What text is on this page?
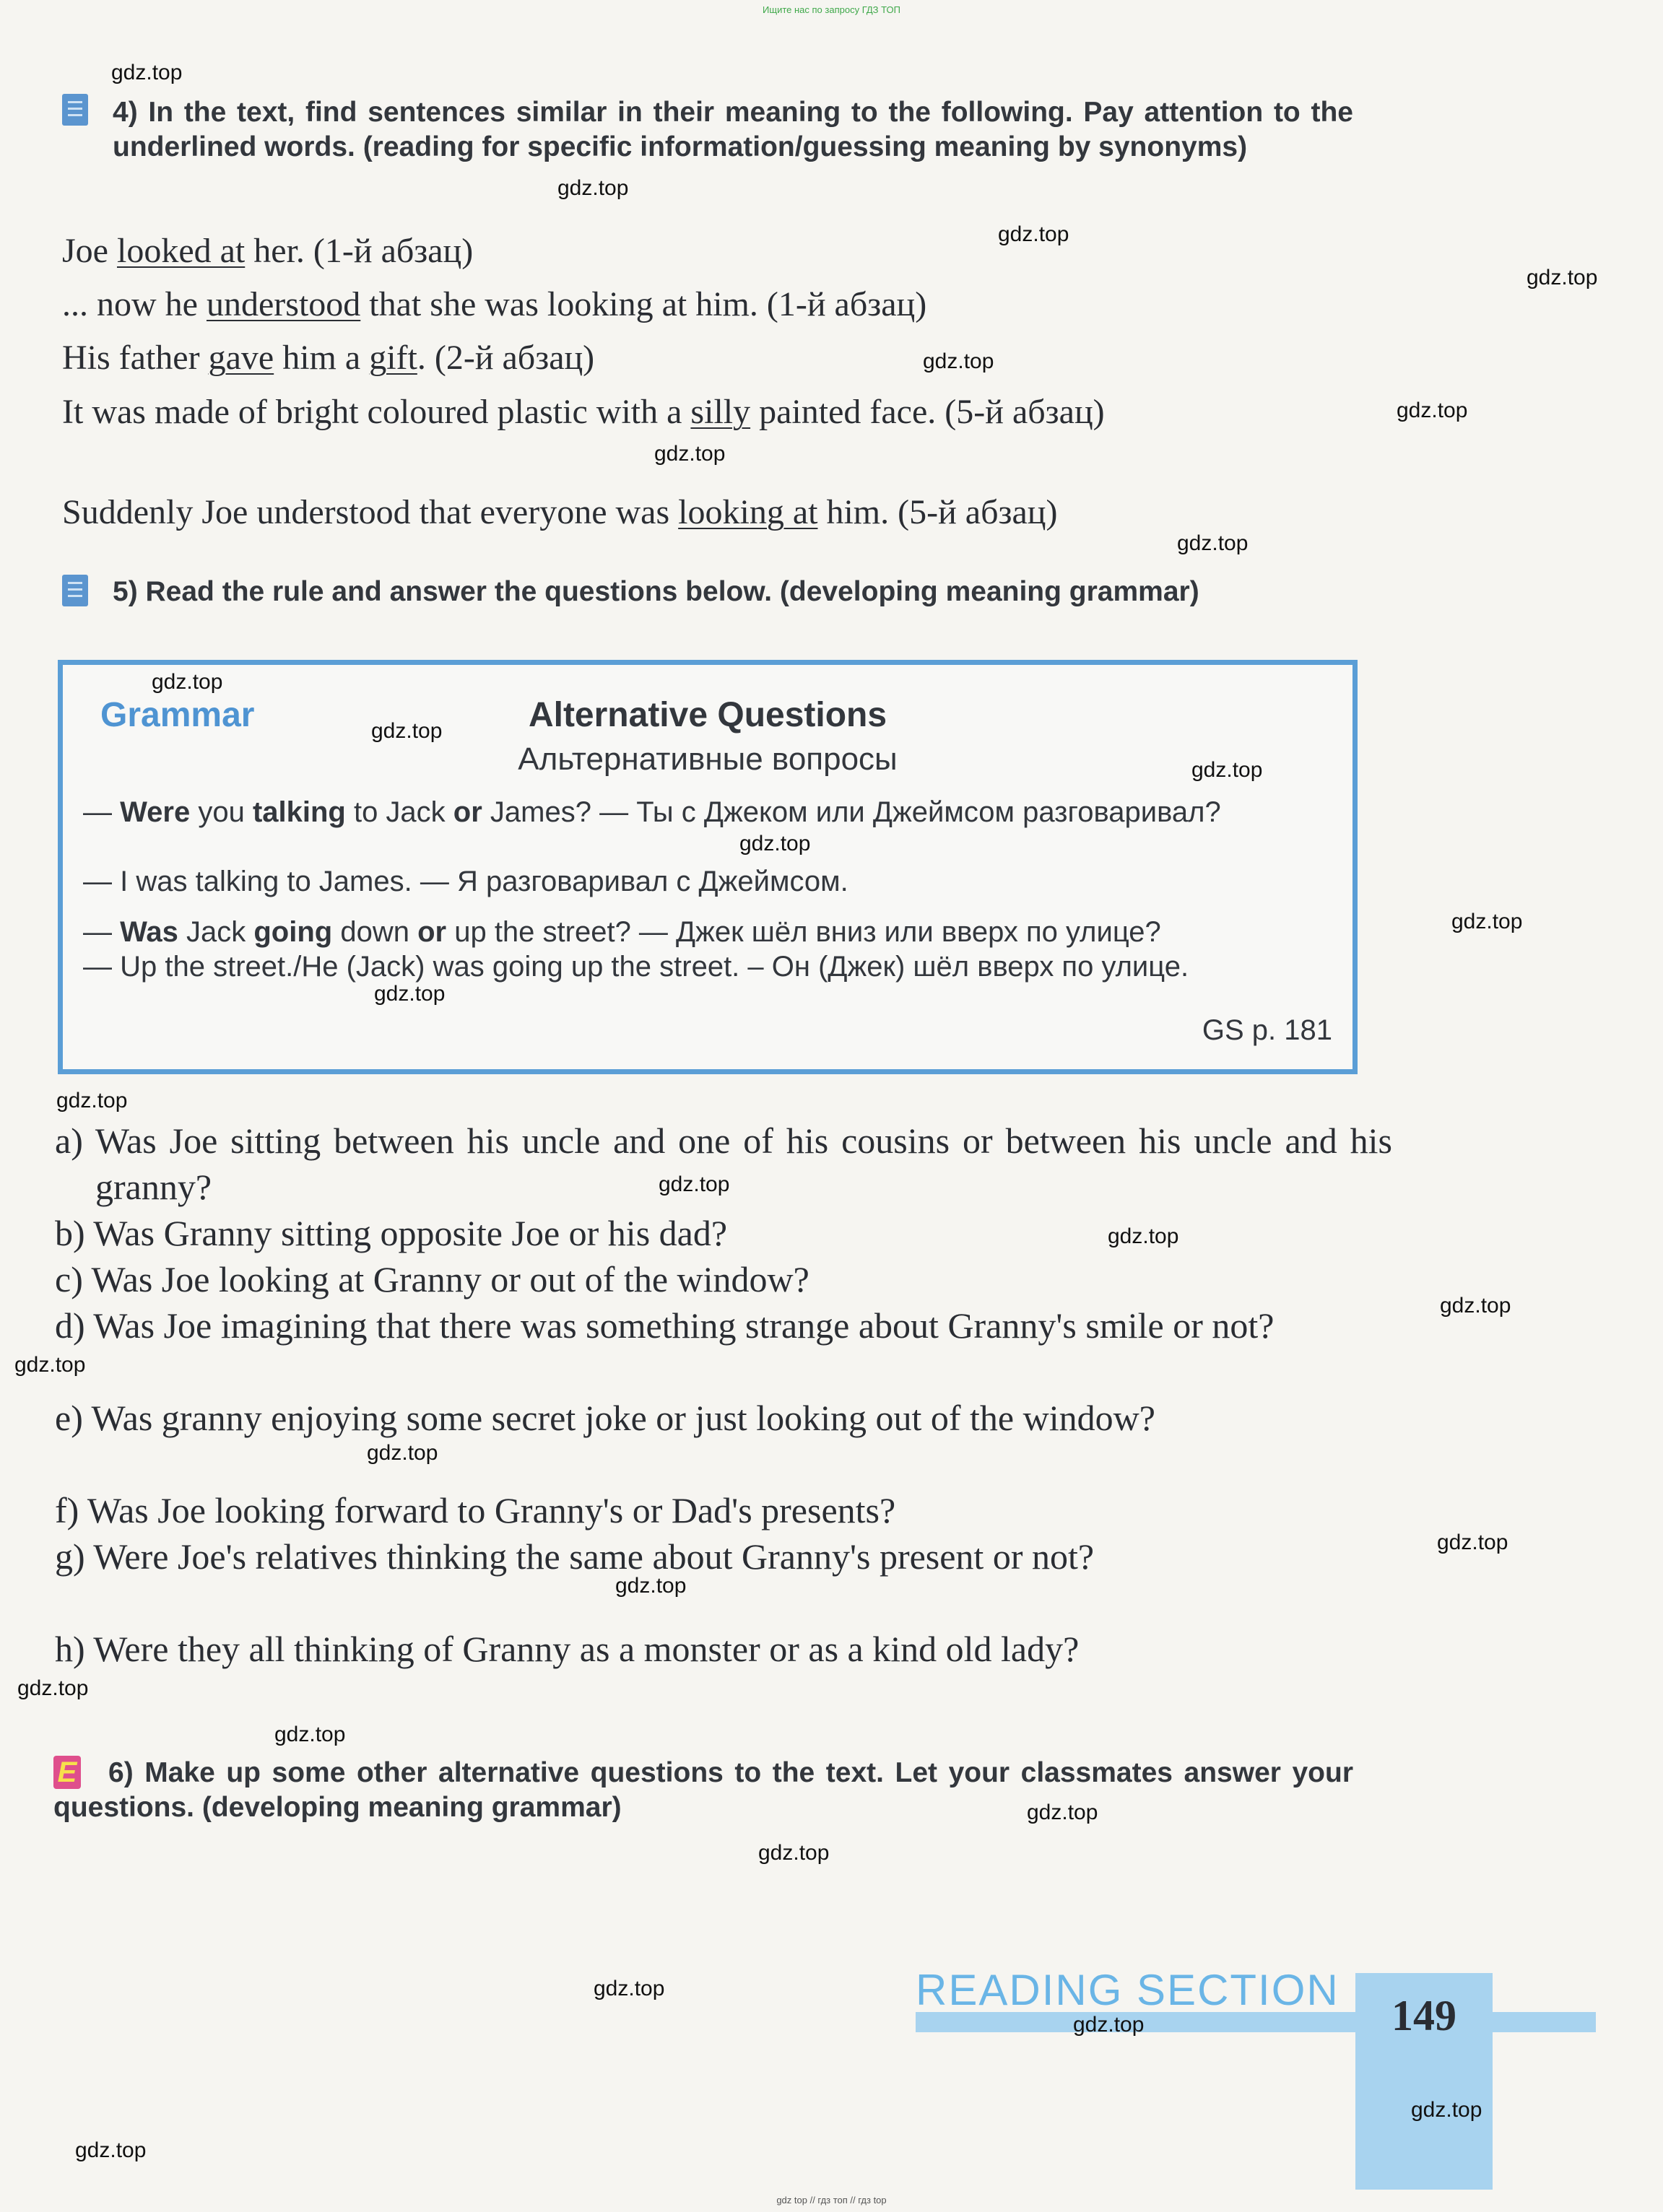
Ищите нас по запросу ГДЗ ТОП
4) In the text, find sentences similar in their meaning to the following. Pay attention to the underlined words. (reading for specific information/guessing meaning by synonyms)
Joe looked at her. (1-й абзац)
... now he understood that she was looking at him. (1-й абзац)
His father gave him a gift. (2-й абзац)
It was made of bright coloured plastic with a silly painted face. (5-й абзац)
Suddenly Joe understood that everyone was looking at him. (5-й абзац)
5) Read the rule and answer the questions below. (developing meaning grammar)
Grammar	Alternative Questions
Альтернативные вопросы
— Were you talking to Jack or James? — Ты с Джеком или Джеймсом разговаривал?
— I was talking to James. — Я разговаривал с Джеймсом.
— Was Jack going down or up the street? — Джек шёл вниз или вверх по улице?
— Up the street./He (Jack) was going up the street. – Он (Джек) шёл вверх по улице.
GS p. 181
a) Was Joe sitting between his uncle and one of his cousins or between his uncle and his granny?
b) Was Granny sitting opposite Joe or his dad?
c) Was Joe looking at Granny or out of the window?
d) Was Joe imagining that there was something strange about Granny's smile or not?
e) Was granny enjoying some secret joke or just looking out of the window?
f) Was Joe looking forward to Granny's or Dad's presents?
g) Were Joe's relatives thinking the same about Granny's present or not?
h) Were they all thinking of Granny as a monster or as a kind old lady?
E	6) Make up some other alternative questions to the text. Let your classmates answer your questions. (developing meaning grammar)
READING SECTION
149
gdz.top
gdz.top
gdz.top
gdz.top
gdz.top
gdz.top
gdz.top
gdz.top
gdz.top
gdz.top
gdz.top
gdz.top
gdz.top
gdz.top
gdz.top
gdz.top
gdz.top
gdz.top
gdz.top
gdz.top
gdz.top
gdz.top
gdz.top
gdz.top
gdz.top
gdz.top
gdz.top
gdz.top
gdz.top
gdz.top
gdz top // гдз топ // гдз top
